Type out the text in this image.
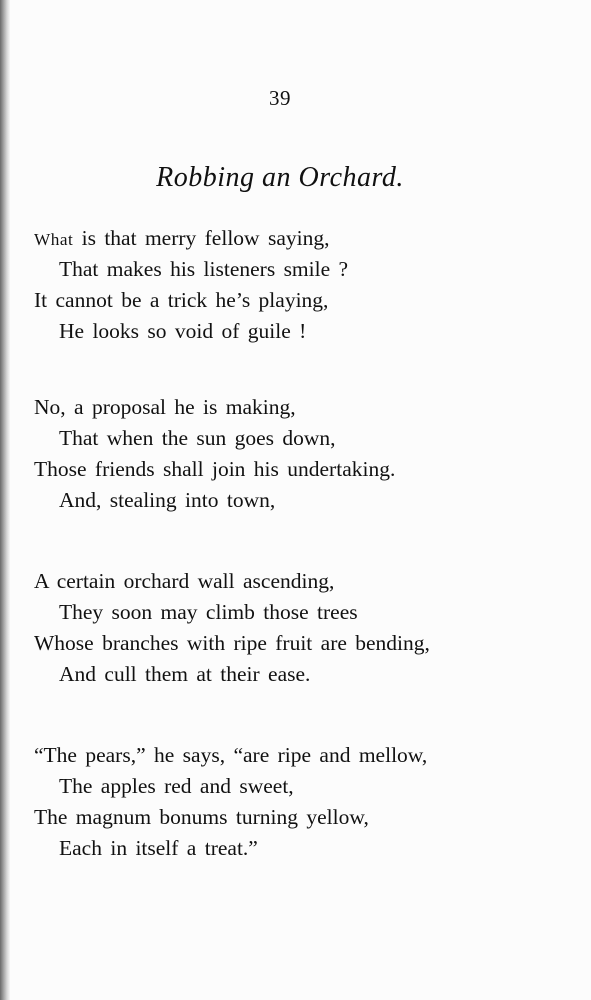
39
Robbing an Orchard.
What is that merry fellow saying,
That makes his listeners smile ?
It cannot be a trick he’s playing,
He looks so void of guile !
No, a proposal he is making,
That when the sun goes down,
Those friends shall join his undertaking.
And, stealing into town,
A certain orchard wall ascending,
They soon may climb those trees
Whose branches with ripe fruit are bending,
And cull them at their ease.
“The pears,” he says, “are ripe and mellow,
The apples red and sweet,
The magnum bonums turning yellow,
Each in itself a treat.”
